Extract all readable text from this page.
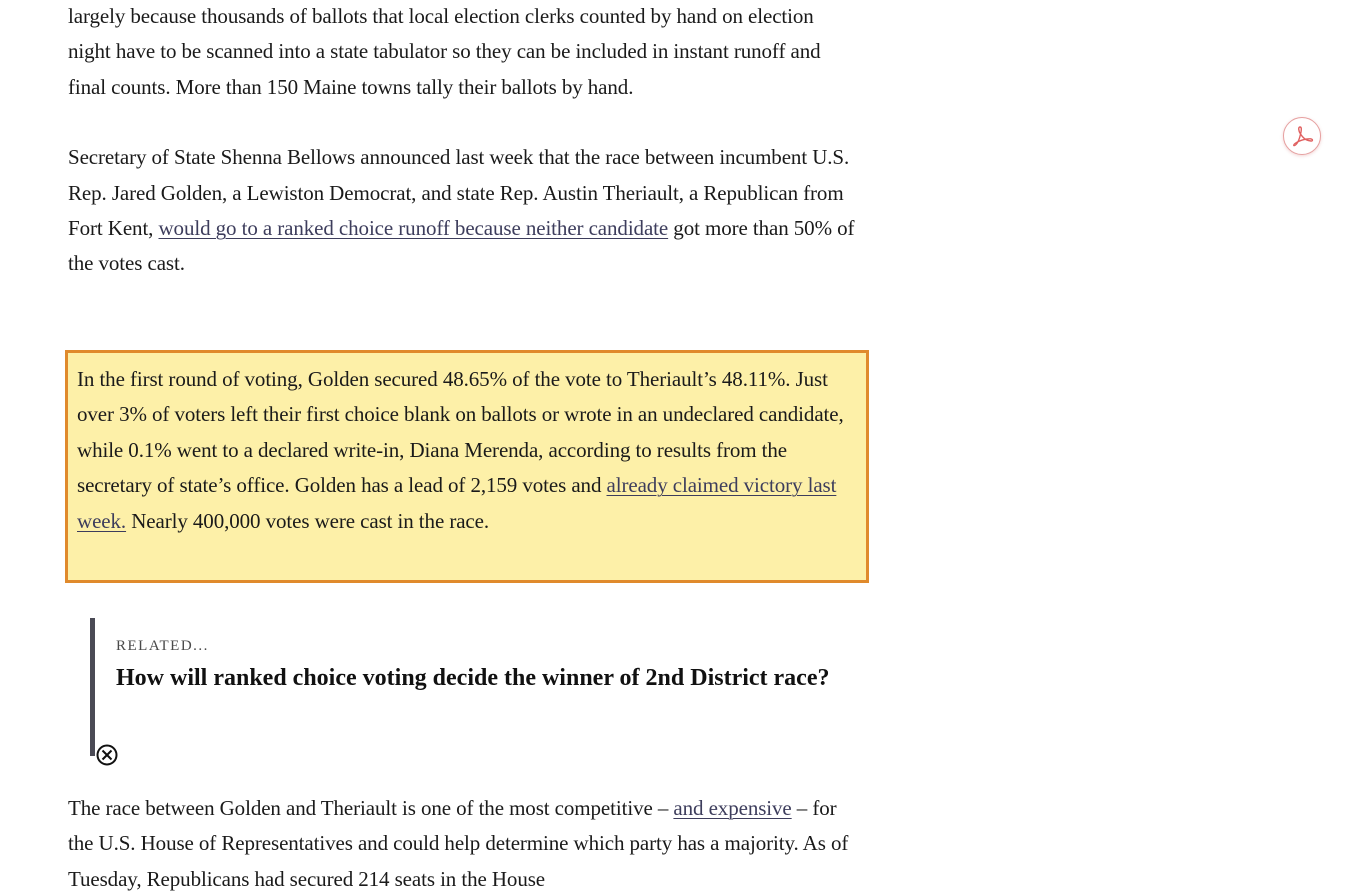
largely because thousands of ballots that local election clerks counted by hand on election night have to be scanned into a state tabulator so they can be included in instant runoff and final counts. More than 150 Maine towns tally their ballots by hand.

Secretary of State Shenna Bellows announced last week that the race between incumbent U.S. Rep. Jared Golden, a Lewiston Democrat, and state Rep. Austin Theriault, a Republican from Fort Kent, would go to a ranked choice runoff because neither candidate got more than 50% of the votes cast.

In the first round of voting, Golden secured 48.65% of the vote to Theriault’s 48.11%. Just over 3% of voters left their first choice blank on ballots or wrote in an undeclared candidate, while 0.1% went to a declared write-in, Diana Merenda, according to results from the secretary of state’s office. Golden has a lead of 2,159 votes and already claimed victory last week. Nearly 400,000 votes were cast in the race.

RELATED...
How will ranked choice voting decide the winner of 2nd District race?

The race between Golden and Theriault is one of the most competitive – and expensive – for the U.S. House of Representatives and could help determine which party has a majority. As of Tuesday, Republicans had secured 214 seats in the House
